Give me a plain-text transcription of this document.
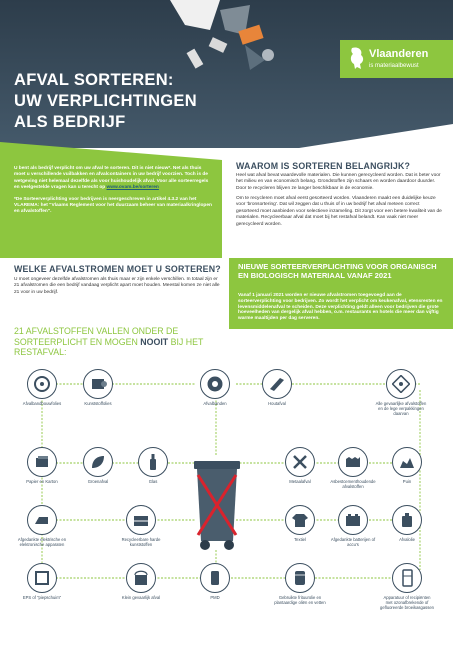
Vlaanderen
is materiaalbewust
AFVAL SORTEREN:
UW VERPLICHTINGEN
ALS BEDRIJF

U bent als bedrijf verplicht om uw afval te sorteren. Dit is niet nieuw*. Net als thuis moet u verschillende vuilbakken en afvalcontainers in uw bedrijf voorzien. Toch is de wetgeving niet helemaal dezelfde als voor huishoudelijk afval. Voor alle sorteerregels en veelgestelde vragen kan u terecht op www.ovam.be/sorteren

*De Sorteerverplichting voor bedrijven is neergeschreven in artikel 4.3.2 van het VLAREMA: het "Vlaams Reglement voor het duurzaam beheer van materiaalkringlopen en afvalstoffen".

WAAROM IS SORTEREN BELANGRIJK?
Heel wat afval bevat waardevolle materialen. Die kunnen gerecycleerd worden. Dat is beter voor het milieu en van economisch belang. Grondstoffen zijn schaars en worden daardoor duurder. Door te recycleren blijven ze langer beschikbaar in de economie.
Om te recycleren moet afval eerst gesorteerd worden. Vlaanderen maakt een duidelijke keuze voor 'bronsortering'. Dat wil zeggen dat u thuis of in uw bedrijf het afval meteen correct gesorteerd moet aanbieden voor selectieve inzameling. Dit zorgt voor een betere kwaliteit van de materialen. Recycleerbaar afval dat moet bij het restafval belandt. Kan vaak niet meer gerecycleerd worden.
WELKE AFVALSTROMEN MOET U SORTEREN?
U moet ongeveer dezelfde afvalstromen als thuis maar er zijn enkele verschillen. In totaal zijn er 21 afvalstromen die een bedrijf vandaag verplicht apart moet houden. Meestal komen ze niet alle 21 voor in uw bedrijf.
NIEUWE SORTEERVERPLICHTING VOOR ORGANISCH EN BIOLOGISCH MATERIAAL VANAF 2021
Vanaf 1 januari 2021 worden er nieuwe afvalstromen toegevoegd aan de sorteerverplichting voor bedrijven. Zo wordt het verplicht om keukenafval, etensresten en levensmiddelenafval te scheiden. Deze verplichting geldt alleen voor bedrijven die grote hoeveelheden van dergelijk afval hebben, o.m. restaurants en hotels die meer dan vijftig warme maaltijden per dag serveren.
21 AFVALSTOFFEN VALLEN ONDER DE SORTEERPLICHT EN MOGEN NOOIT BIJ HET RESTAFVAL:
RESTAFVAL
Afvalbandbouwfolies	Kunststoffolies	Afvalbanden	Houtafval	Alle gevaarlijke afvalstoffen en de lege verpakkingen daarvan
Papier en Karton	Groenafval	Glas	Metaalafval	Asbestcementhoudende afvalstoffen
Puin
Afgedankte elektrische en elektronische apparaten
Recycleerbare harde kunststoffen
Textiel	Afgedankte batterijen of accu's
Afvalolie
EPS of "piepschuim"	Klein gevaarlijk afval	PMD	Gebruikte frituurolie en plantaardige oliën en vetten
Apparatuur of recipiënten met ozonafbrekende of gefluoreerde broeikasgassen
